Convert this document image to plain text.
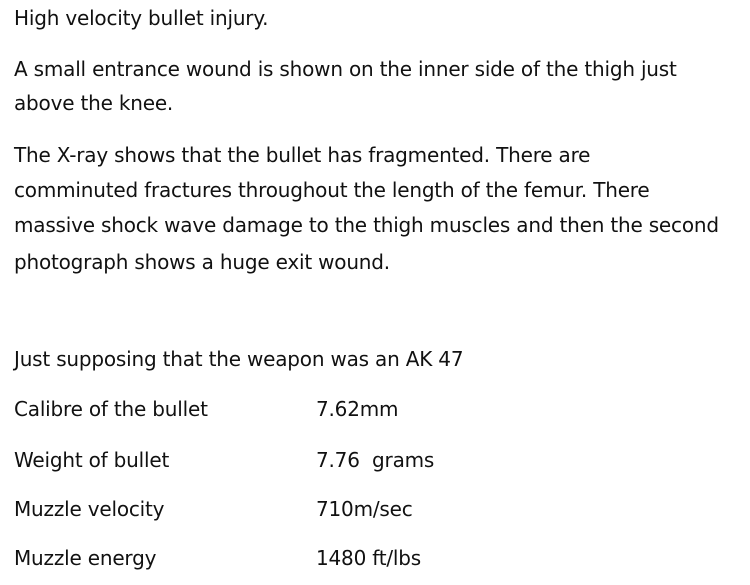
High velocity bullet injury.
A small entrance wound is shown on the inner side of the thigh just
above the knee.
The X-ray shows that the bullet has fragmented. There are
comminuted fractures throughout the length of the femur. There
massive shock wave damage to the thigh muscles and then the second
photograph shows a huge exit wound.
Just supposing that the weapon was an AK 47
Calibre of the bullet	7.62mm
Weight of bullet	7.76  grams
Muzzle velocity	710m/sec
Muzzle energy	1480 ft/lbs
